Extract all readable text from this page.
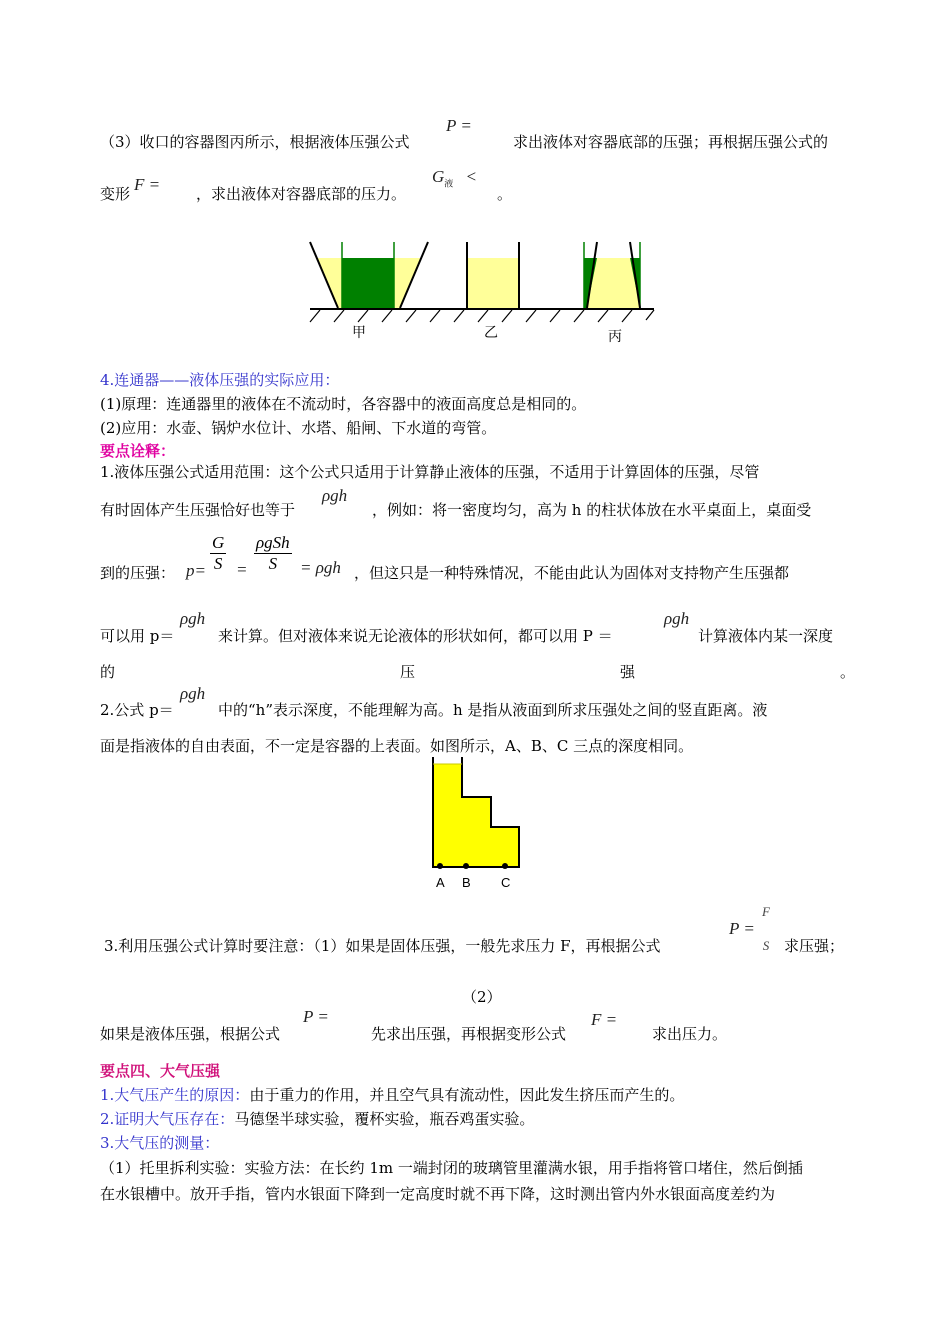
（3）收口的容器图丙所示，根据液体压强公式
P =
求出液体对容器底部的压强；再根据压强公式的
变形 F = ，求出液体对容器底部的压力。
$G_液$ <
。
甲	乙	丙
4.连通器——液体压强的实际应用：
(1)原理：连通器里的液体在不流动时，各容器中的液面高度总是相同的。
(2)应用：水壶、锅炉水位计、水塔、船闸、下水道的弯管。
要点诠释：
1.液体压强公式适用范围：这个公式只适用于计算静止液体的压强，不适用于计算固体的压强，尽管
有时固体产生压强恰好也等于
ρgh
，例如：将一密度均匀，高为 h 的柱状体放在水平桌面上，桌面受
到的压强： $p= \frac{G}{S}$ =
ρgSh
S	= ρgh ，但这只是一种特殊情况，不能由此认为固体对支持物产生压强都
可以用 p＝
ρgh
来计算。但对液体来说无论液体的形状如何，都可以用 P ＝
ρgh
计算液体内某一深度
的	压	强	。
2.公式 p＝
ρgh
中的“h”表示深度，不能理解为高。h 是指从液面到所求压强处之间的竖直距离。液
面是指液体的自由表面，不一定是容器的上表面。如图所示，A、B、C 三点的深度相同。
A B C
3.利用压强公式计算时要注意：（1）如果是固体压强，一般先求压力 F，再根据公式
P =
F
S 求压强；
（2）
如果是液体压强，根据公式
P =
先求出压强，再根据变形公式
F =
求出压力。
要点四、大气压强
1.大气压产生的原因：由于重力的作用，并且空气具有流动性，因此发生挤压而产生的。
2.证明大气压存在：马德堡半球实验，覆杯实验，瓶吞鸡蛋实验。
3.大气压的测量：
（1）托里拆利实验：实验方法：在长约 1m 一端封闭的玻璃管里灌满水银，用手指将管口堵住，然后倒插
在水银槽中。放开手指，管内水银面下降到一定高度时就不再下降，这时测出管内外水银面高度差约为
